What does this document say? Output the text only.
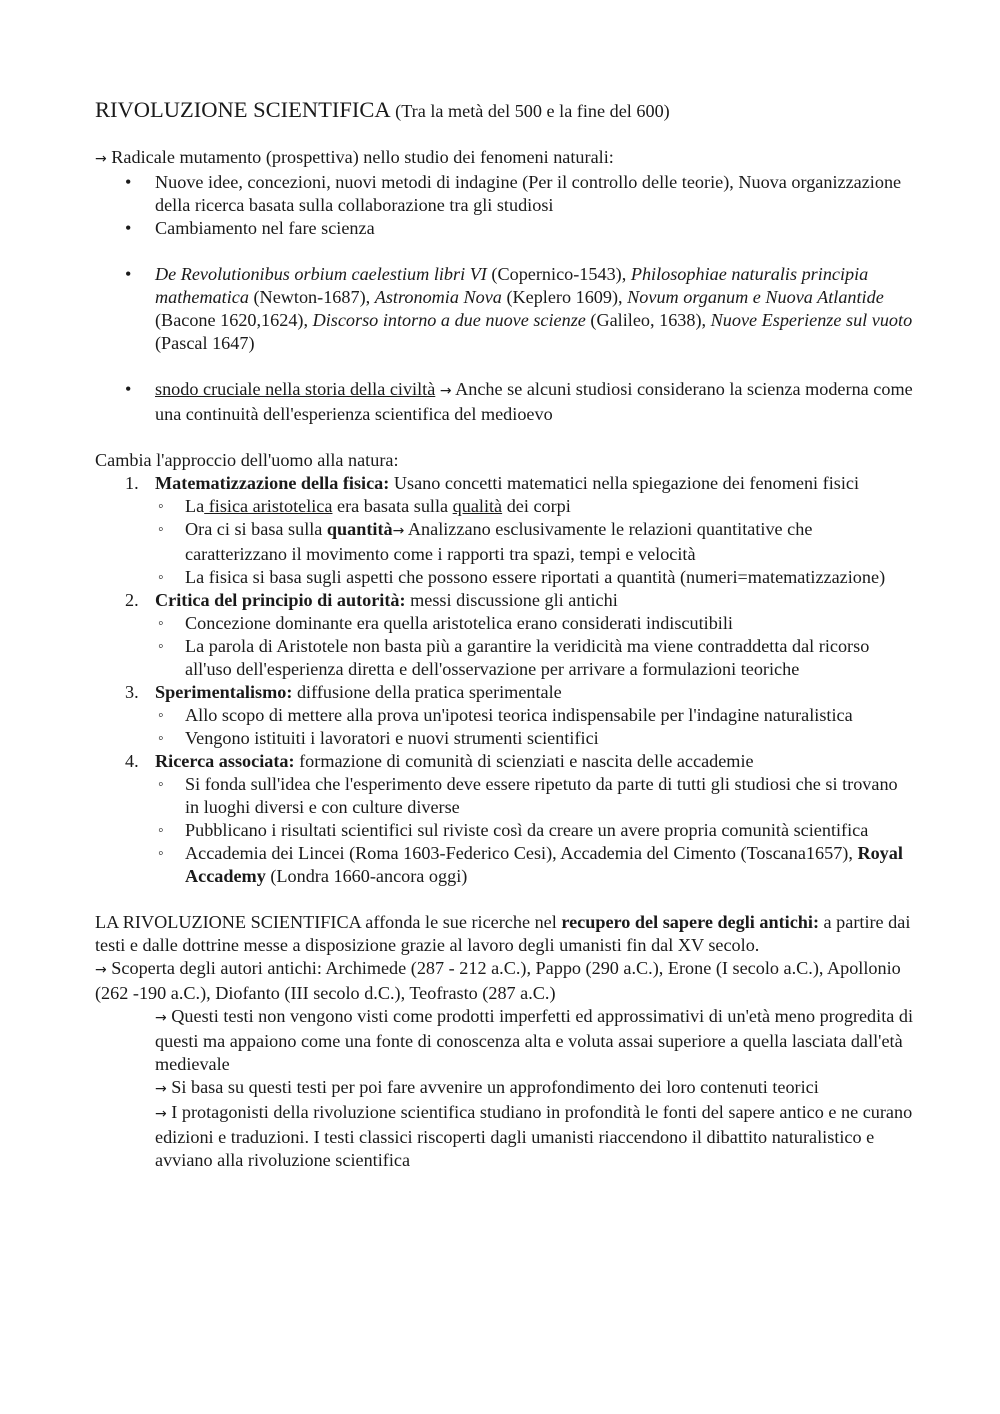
RIVOLUZIONE SCIENTIFICA (Tra la metà del 500 e la fine del 600)

→ Radicale mutamento (prospettiva) nello studio dei fenomeni naturali:

• Nuove idee, concezioni, nuovi metodi di indagine (Per il controllo delle teorie), Nuova organizzazione della ricerca basata sulla collaborazione tra gli studiosi
• Cambiamento nel fare scienza
• De Revolutionibus orbium caelestium libri VI (Copernico-1543), Philosophiae naturalis principia mathematica (Newton-1687), Astronomia Nova (Keplero 1609), Novum organum e Nuova Atlantide (Bacone 1620,1624), Discorso intorno a due nuove scienze (Galileo, 1638), Nuove Esperienze sul vuoto (Pascal 1647)
• snodo cruciale nella storia della civiltà → Anche se alcuni studiosi considerano la scienza moderna come una continuità dell'esperienza scientifica del medioevo

Cambia l'approccio dell'uomo alla natura:

1. Matematizzazione della fisica: Usano concetti matematici nella spiegazione dei fenomeni fisici
◦ La fisica aristotelica era basata sulla qualità dei corpi
◦ Ora ci si basa sulla quantità→ Analizzano esclusivamente le relazioni quantitative che caratterizzano il movimento come i rapporti tra spazi, tempi e velocità
◦ La fisica si basa sugli aspetti che possono essere riportati a quantità (numeri=matematizzazione)
2. Critica del principio di autorità: messi discussione gli antichi
◦ Concezione dominante era quella aristotelica erano considerati indiscutibili
◦ La parola di Aristotele non basta più a garantire la veridicità ma viene contraddetta dal ricorso all'uso dell'esperienza diretta e dell'osservazione per arrivare a formulazioni teoriche
3. Sperimentalismo: diffusione della pratica sperimentale
◦ Allo scopo di mettere alla prova un'ipotesi teorica indispensabile per l'indagine naturalistica
◦ Vengono istituiti i lavoratori e nuovi strumenti scientifici
4. Ricerca associata: formazione di comunità di scienziati e nascita delle accademie
◦ Si fonda sull'idea che l'esperimento deve essere ripetuto da parte di tutti gli studiosi che si trovano in luoghi diversi e con culture diverse
◦ Pubblicano i risultati scientifici sul riviste così da creare un avere propria comunità scientifica
◦ Accademia dei Lincei (Roma 1603-Federico Cesi), Accademia del Cimento (Toscana1657), Royal Accademy (Londra 1660-ancora oggi)

LA RIVOLUZIONE SCIENTIFICA affonda le sue ricerche nel recupero del sapere degli antichi: a partire dai testi e dalle dottrine messe a disposizione grazie al lavoro degli umanisti fin dal XV secolo.

→ Scoperta degli autori antichi: Archimede (287 - 212 a.C.), Pappo (290 a.C.), Erone (I secolo a.C.), Apollonio (262 -190 a.C.), Diofanto (III secolo d.C.), Teofrasto (287 a.C.)

→ Questi testi non vengono visti come prodotti imperfetti ed approssimativi di un'età meno progredita di questi ma appaiono come una fonte di conoscenza alta e voluta assai superiore a quella lasciata dall'età medievale

→ Si basa su questi testi per poi fare avvenire un approfondimento dei loro contenuti teorici

→ I protagonisti della rivoluzione scientifica studiano in profondità le fonti del sapere antico e ne curano edizioni e traduzioni. I testi classici riscoperti dagli umanisti riaccendono il dibattito naturalistico e avviano alla rivoluzione scientifica
